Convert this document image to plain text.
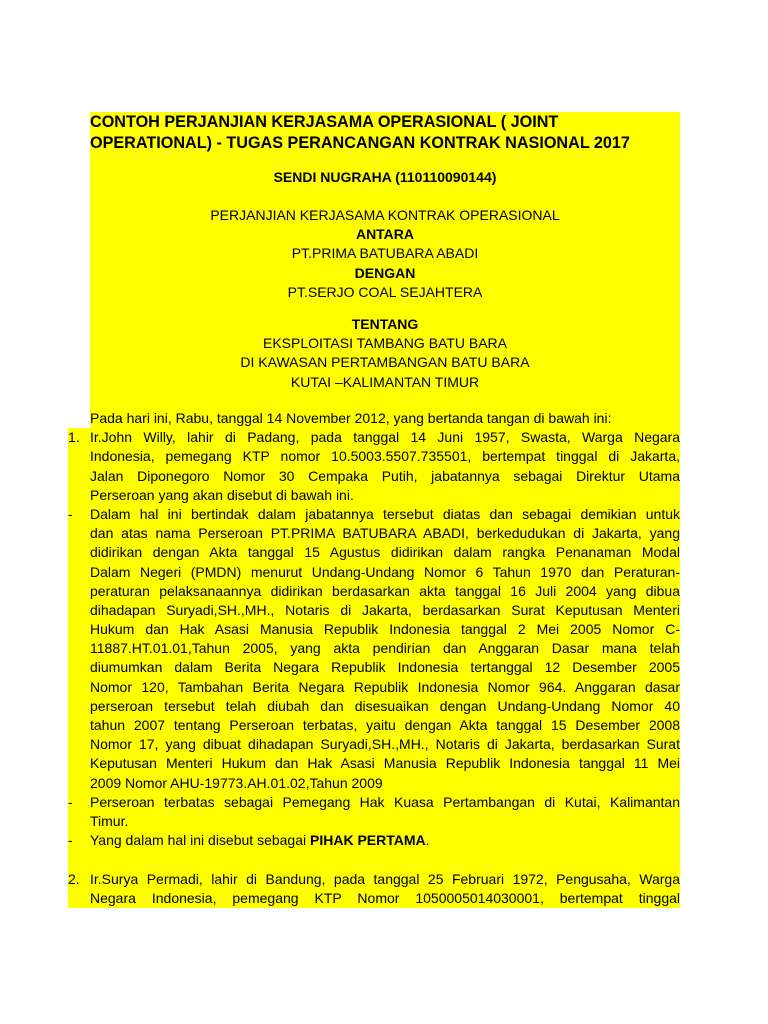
CONTOH PERJANJIAN KERJASAMA OPERASIONAL ( JOINT
OPERATIONAL) - TUGAS PERANCANGAN KONTRAK NASIONAL 2017
SENDI NUGRAHA (110110090144)
PERJANJIAN KERJASAMA KONTRAK OPERASIONAL
ANTARA
PT.PRIMA BATUBARA ABADI
DENGAN
PT.SERJO COAL SEJAHTERA
TENTANG
EKSPLOITASI TAMBANG BATU BARA
DI KAWASAN PERTAMBANGAN BATU BARA
KUTAI –KALIMANTAN TIMUR
Pada hari ini, Rabu, tanggal 14 November 2012, yang bertanda tangan di bawah ini:
1. Ir.John Willy, lahir di Padang, pada tanggal 14 Juni 1957, Swasta, Warga Negara
Indonesia, pemegang KTP nomor 10.5003.5507.735501, bertempat tinggal di Jakarta,
Jalan Diponegoro Nomor 30 Cempaka Putih, jabatannya sebagai Direktur Utama
Perseroan yang akan disebut di bawah ini.
-	Dalam hal ini bertindak dalam jabatannya tersebut diatas dan sebagai demikian untuk
dan atas nama Perseroan PT.PRIMA BATUBARA ABADI, berkedudukan di Jakarta, yang
didirikan dengan Akta tanggal 15 Agustus didirikan dalam rangka Penanaman Modal
Dalam Negeri (PMDN) menurut Undang-Undang Nomor 6 Tahun 1970 dan Peraturan-
peraturan pelaksanaannya didirikan berdasarkan akta tanggal 16 Juli 2004 yang dibua
dihadapan Suryadi,SH.,MH., Notaris di Jakarta, berdasarkan Surat Keputusan Menteri
Hukum dan Hak Asasi Manusia Republik Indonesia tanggal 2 Mei 2005 Nomor C-
11887.HT.01.01,Tahun 2005, yang akta pendirian dan Anggaran Dasar mana telah
diumumkan dalam Berita Negara Republik Indonesia tertanggal 12 Desember 2005
Nomor 120, Tambahan Berita Negara Republik Indonesia Nomor 964. Anggaran dasar
perseroan tersebut telah diubah dan disesuaikan dengan Undang-Undang Nomor 40
tahun 2007 tentang Perseroan terbatas, yaitu dengan Akta tanggal 15 Desember 2008
Nomor 17, yang dibuat dihadapan Suryadi,SH.,MH., Notaris di Jakarta, berdasarkan Surat
Keputusan Menteri Hukum dan Hak Asasi Manusia Republik Indonesia tanggal 11 Mei
2009 Nomor AHU-19773.AH.01.02,Tahun 2009
-	Perseroan terbatas sebagai Pemegang Hak Kuasa Pertambangan di Kutai, Kalimantan
Timur.
-	Yang dalam hal ini disebut sebagai PIHAK PERTAMA.
2. Ir.Surya Permadi, lahir di Bandung, pada tanggal 25 Februari 1972, Pengusaha, Warga
Negara Indonesia, pemegang KTP Nomor 1050005014030001, bertempat tinggal
